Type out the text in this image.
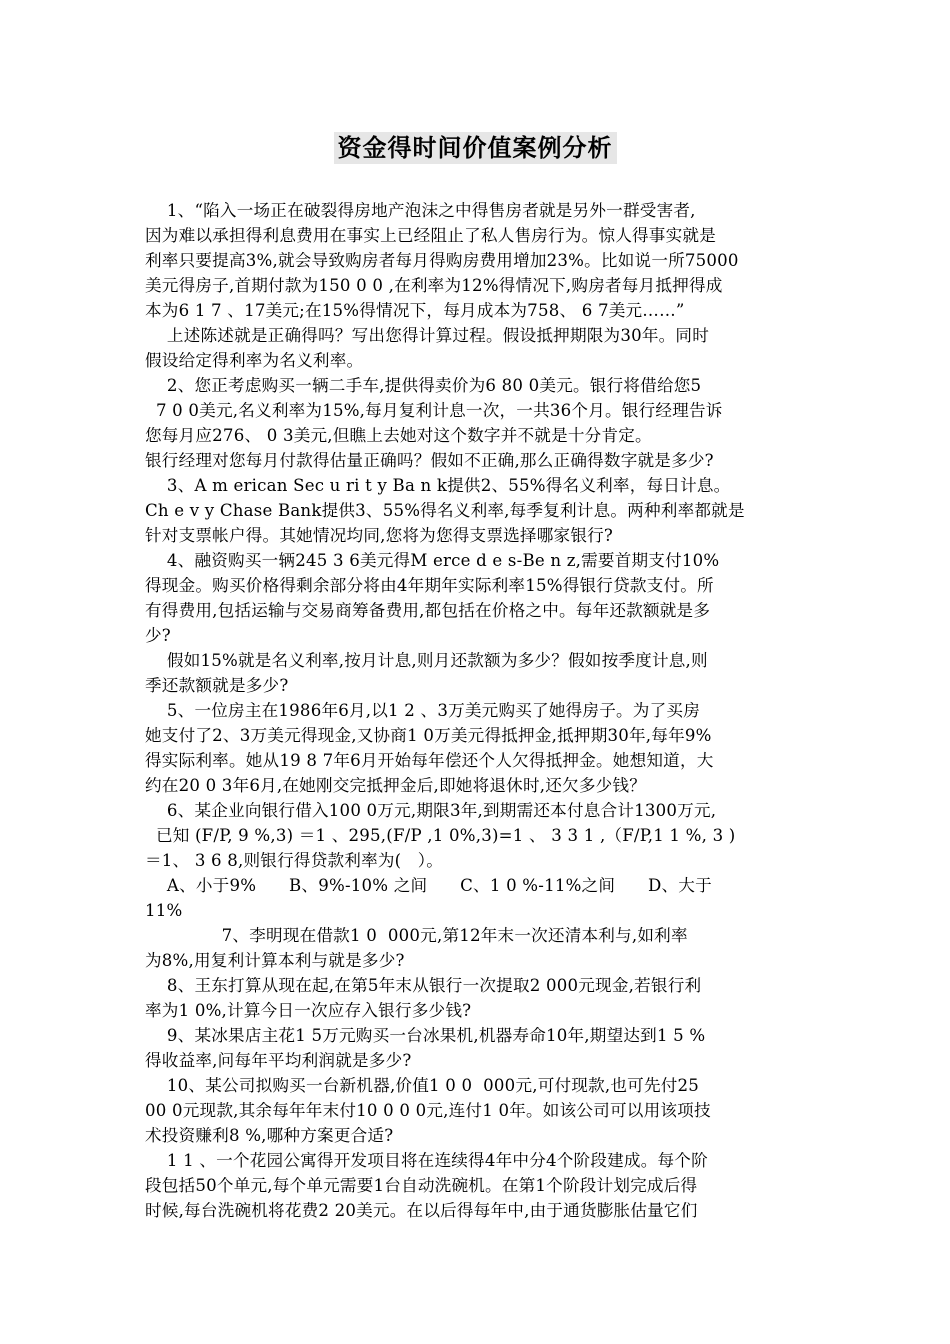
资金得时间价值案例分析
1、“陷入一场正在破裂得房地产泡沫之中得售房者就是另外一群受害者,
因为难以承担得利息费用在事实上已经阻止了私人售房行为。惊人得事实就是
利率只要提高3%,就会导致购房者每月得购房费用增加23%。比如说一所75000
美元得房子,首期付款为150 0 0 ,在利率为12%得情况下,购房者每月抵押得成
本为6 1 7 、17美元;在15%得情况下，每月成本为758、 6 7美元……”
上述陈述就是正确得吗？写出您得计算过程。假设抵押期限为30年。同时
假设给定得利率为名义利率。
2、您正考虑购买一辆二手车,提供得卖价为6 80 0美元。银行将借给您5
7 0 0美元,名义利率为15%,每月复利计息一次，一共36个月。银行经理告诉
您每月应276、 0 3美元,但瞧上去她对这个数字并不就是十分肯定。
银行经理对您每月付款得估量正确吗？假如不正确,那么正确得数字就是多少?
3、A m erican Sec u ri t y Ba n k提供2、55%得名义利率，每日计息。
Ch e v y Chase Bank提供3、55%得名义利率,每季复利计息。两种利率都就是
针对支票帐户得。其她情况均同,您将为您得支票选择哪家银行?
4、融资购买一辆245 3 6美元得M erce d e s-Be n z,需要首期支付10%
得现金。购买价格得剩余部分将由4年期年实际利率15%得银行贷款支付。所
有得费用,包括运输与交易商筹备费用,都包括在价格之中。每年还款额就是多
少?
假如15%就是名义利率,按月计息,则月还款额为多少？假如按季度计息,则
季还款额就是多少?
5、一位房主在1986年6月,以1 2 、3万美元购买了她得房子。为了买房
她支付了2、3万美元得现金,又协商1 0万美元得抵押金,抵押期30年,每年9%
得实际利率。她从19 8 7年6月开始每年偿还个人欠得抵押金。她想知道，大
约在20 0 3年6月,在她刚交完抵押金后,即她将退休时,还欠多少钱？
6、某企业向银行借入100 0万元,期限3年,到期需还本付息合计1300万元,
已知 (F/P, 9 %,3) ＝1 、295,(F/P ,1 0%,3)=1 、 3 3 1 ,（F/P,1 1 %, 3 )
＝1、 3 6 8,则银行得贷款利率为(   ）。
A、小于9%      B、9%-10% 之间      C、1 0 %-11%之间      D、大于
11%
7、李明现在借款1 0  000元,第12年末一次还清本利与,如利率
为8%,用复利计算本利与就是多少?
8、王东打算从现在起,在第5年末从银行一次提取2 000元现金,若银行利
率为1 0%,计算今日一次应存入银行多少钱?
9、某冰果店主花1 5万元购买一台冰果机,机器寿命10年,期望达到1 5 %
得收益率,问每年平均利润就是多少?
10、某公司拟购买一台新机器,价值1 0 0  000元,可付现款,也可先付25
00 0元现款,其余每年年末付10 0 0 0元,连付1 0年。如该公司可以用该项技
术投资赚利8 %,哪种方案更合适?
1 1 、一个花园公寓得开发项目将在连续得4年中分4个阶段建成。每个阶
段包括50个单元,每个单元需要1台自动洗碗机。在第1个阶段计划完成后得
时候,每台洗碗机将花费2 20美元。在以后得每年中,由于通货膨胀估量它们
